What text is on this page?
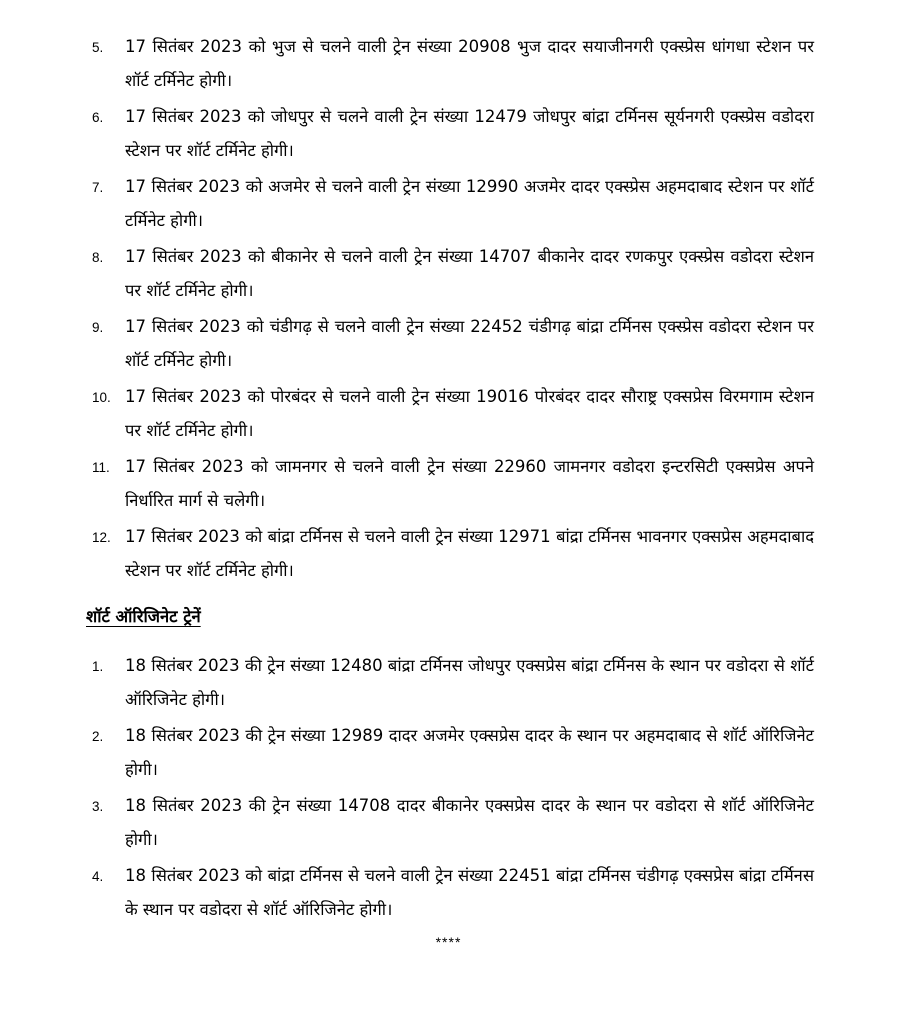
5. 17 सितंबर 2023 को भुज से चलने वाली ट्रेन संख्या 20908 भुज दादर सयाजीनगरी एक्स्प्रेस धांगधा स्टेशन पर शॉर्ट टर्मिनेट होगी।
6. 17 सितंबर 2023 को जोधपुर से चलने वाली ट्रेन संख्या 12479 जोधपुर बांद्रा टर्मिनस सूर्यनगरी एक्स्प्रेस वडोदरा स्टेशन पर शॉर्ट टर्मिनेट होगी।
7. 17 सितंबर 2023 को अजमेर से चलने वाली ट्रेन संख्या 12990 अजमेर दादर एक्स्प्रेस अहमदाबाद स्टेशन पर शॉर्ट टर्मिनेट होगी।
8. 17 सितंबर 2023 को बीकानेर से चलने वाली ट्रेन संख्या 14707 बीकानेर दादर रणकपुर एक्स्प्रेस वडोदरा स्टेशन पर शॉर्ट टर्मिनेट होगी।
9. 17 सितंबर 2023 को चंडीगढ़ से चलने वाली ट्रेन संख्या 22452 चंडीगढ़ बांद्रा टर्मिनस एक्स्प्रेस वडोदरा स्टेशन पर शॉर्ट टर्मिनेट होगी।
10. 17 सितंबर 2023 को पोरबंदर से चलने वाली ट्रेन संख्या 19016 पोरबंदर दादर सौराष्ट्र एक्सप्रेस विरमगाम स्टेशन पर शॉर्ट टर्मिनेट होगी।
11. 17 सितंबर 2023 को जामनगर से चलने वाली ट्रेन संख्या 22960 जामनगर वडोदरा इन्टरसिटी एक्सप्रेस अपने निर्धारित मार्ग से चलेगी।
12. 17 सितंबर 2023 को बांद्रा टर्मिनस से चलने वाली ट्रेन संख्या 12971 बांद्रा टर्मिनस भावनगर एक्सप्रेस अहमदाबाद स्टेशन पर शॉर्ट टर्मिनेट होगी।
शॉर्ट ऑरिजिनेट ट्रेनें
1. 18 सितंबर 2023 की ट्रेन संख्या 12480 बांद्रा टर्मिनस जोधपुर एक्सप्रेस बांद्रा टर्मिनस के स्थान पर वडोदरा से शॉर्ट ऑरिजिनेट होगी।
2. 18 सितंबर 2023 की ट्रेन संख्या 12989 दादर अजमेर एक्सप्रेस दादर के स्थान पर अहमदाबाद से शॉर्ट ऑरिजिनेट होगी।
3. 18 सितंबर 2023 की ट्रेन संख्या 14708 दादर बीकानेर एक्सप्रेस दादर के स्थान पर वडोदरा से शॉर्ट ऑरिजिनेट होगी।
4. 18 सितंबर 2023 को बांद्रा टर्मिनस से चलने वाली ट्रेन संख्या 22451 बांद्रा टर्मिनस चंडीगढ़ एक्सप्रेस बांद्रा टर्मिनस के स्थान पर वडोदरा से शॉर्ट ऑरिजिनेट होगी।
****
